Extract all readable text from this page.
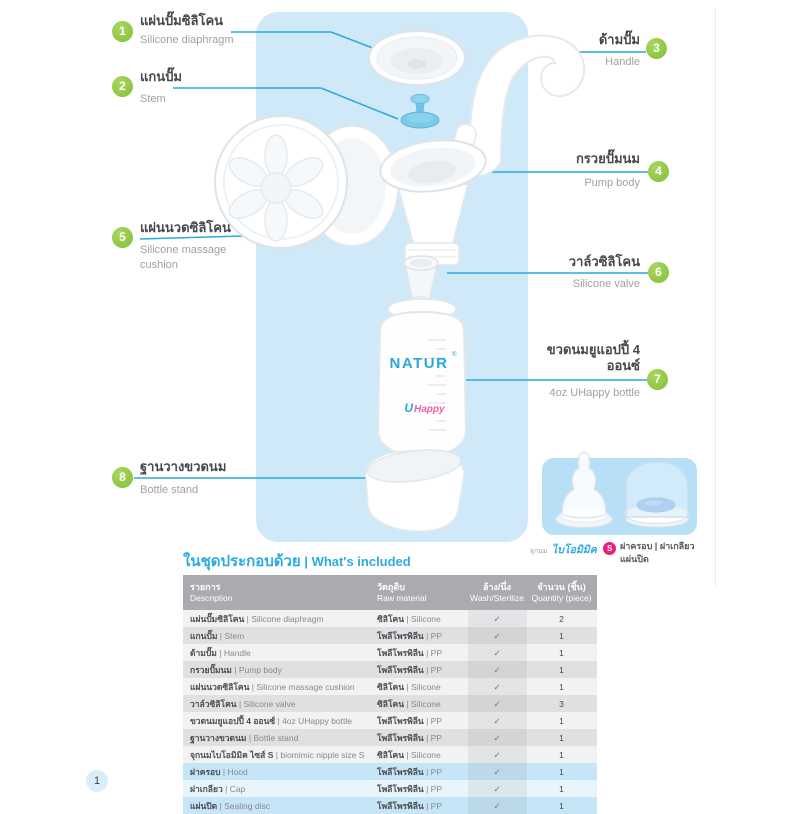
NATUR ®
U Happy
1
แผ่นปั๊มซิลิโคน
Silicone diaphragm
2
แกนปั๊ม
Stem
3
ด้ามปั๊ม
Handle
4
กรวยปั๊มนม
Pump body
5
แผ่นนวดซิลิโคน
Silicone massage cushion	6
วาล์วซิลิโคน
Silicone valve
7
ขวดนมยูแอปปี้ 4 ออนซ์
4oz UHappy bottle
8
ฐานวางขวดนม
Bottle stand
จุกนม ไบโอมิมิค S ฝาครอบ | ฝาเกลียว
แผ่นปิด
ในชุดประกอบด้วย | What's included
รายการ
Description

วัตถุดิบ
Raw material

ล้าง/นึ่ง
Wash/Sterilize

จำนวน (ชิ้น)
Quantity (piece)

แผ่นปั๊มซิลิโคน | Silicone diaphragm	ซิลิโคน | Silicone	✓	2
แกนปั๊ม | Stem	โพลีโพรพิลีน | PP	✓	1
ด้ามปั๊ม | Handle	โพลีโพรพิลีน | PP	✓	1
กรวยปั๊มนม | Pump body	โพลีโพรพิลีน | PP	✓	1
แผ่นนวดซิลิโคน | Silicone massage cushion	ซิลิโคน | Silicone	✓	1
วาล์วซิลิโคน | Silicone valve	ซิลิโคน | Silicone	✓	3
ขวดนมยูแอปปี้ 4 ออนซ์ | 4oz UHappy bottle	โพลีโพรพิลีน | PP	✓	1
ฐานวางขวดนม | Bottle stand	โพลีโพรพิลีน | PP	✓	1
จุกนมไบโอมิมิค ไซส์ S | biomimic nipple size S	ซิลิโคน | Silicone	✓	1
ฝาครอบ | Hood	โพลีโพรพิลีน | PP	✓	1
ฝาเกลียว | Cap	โพลีโพรพิลีน | PP	✓	1
แผ่นปิด | Sealing disc	โพลีโพรพิลีน | PP	✓	1
1
